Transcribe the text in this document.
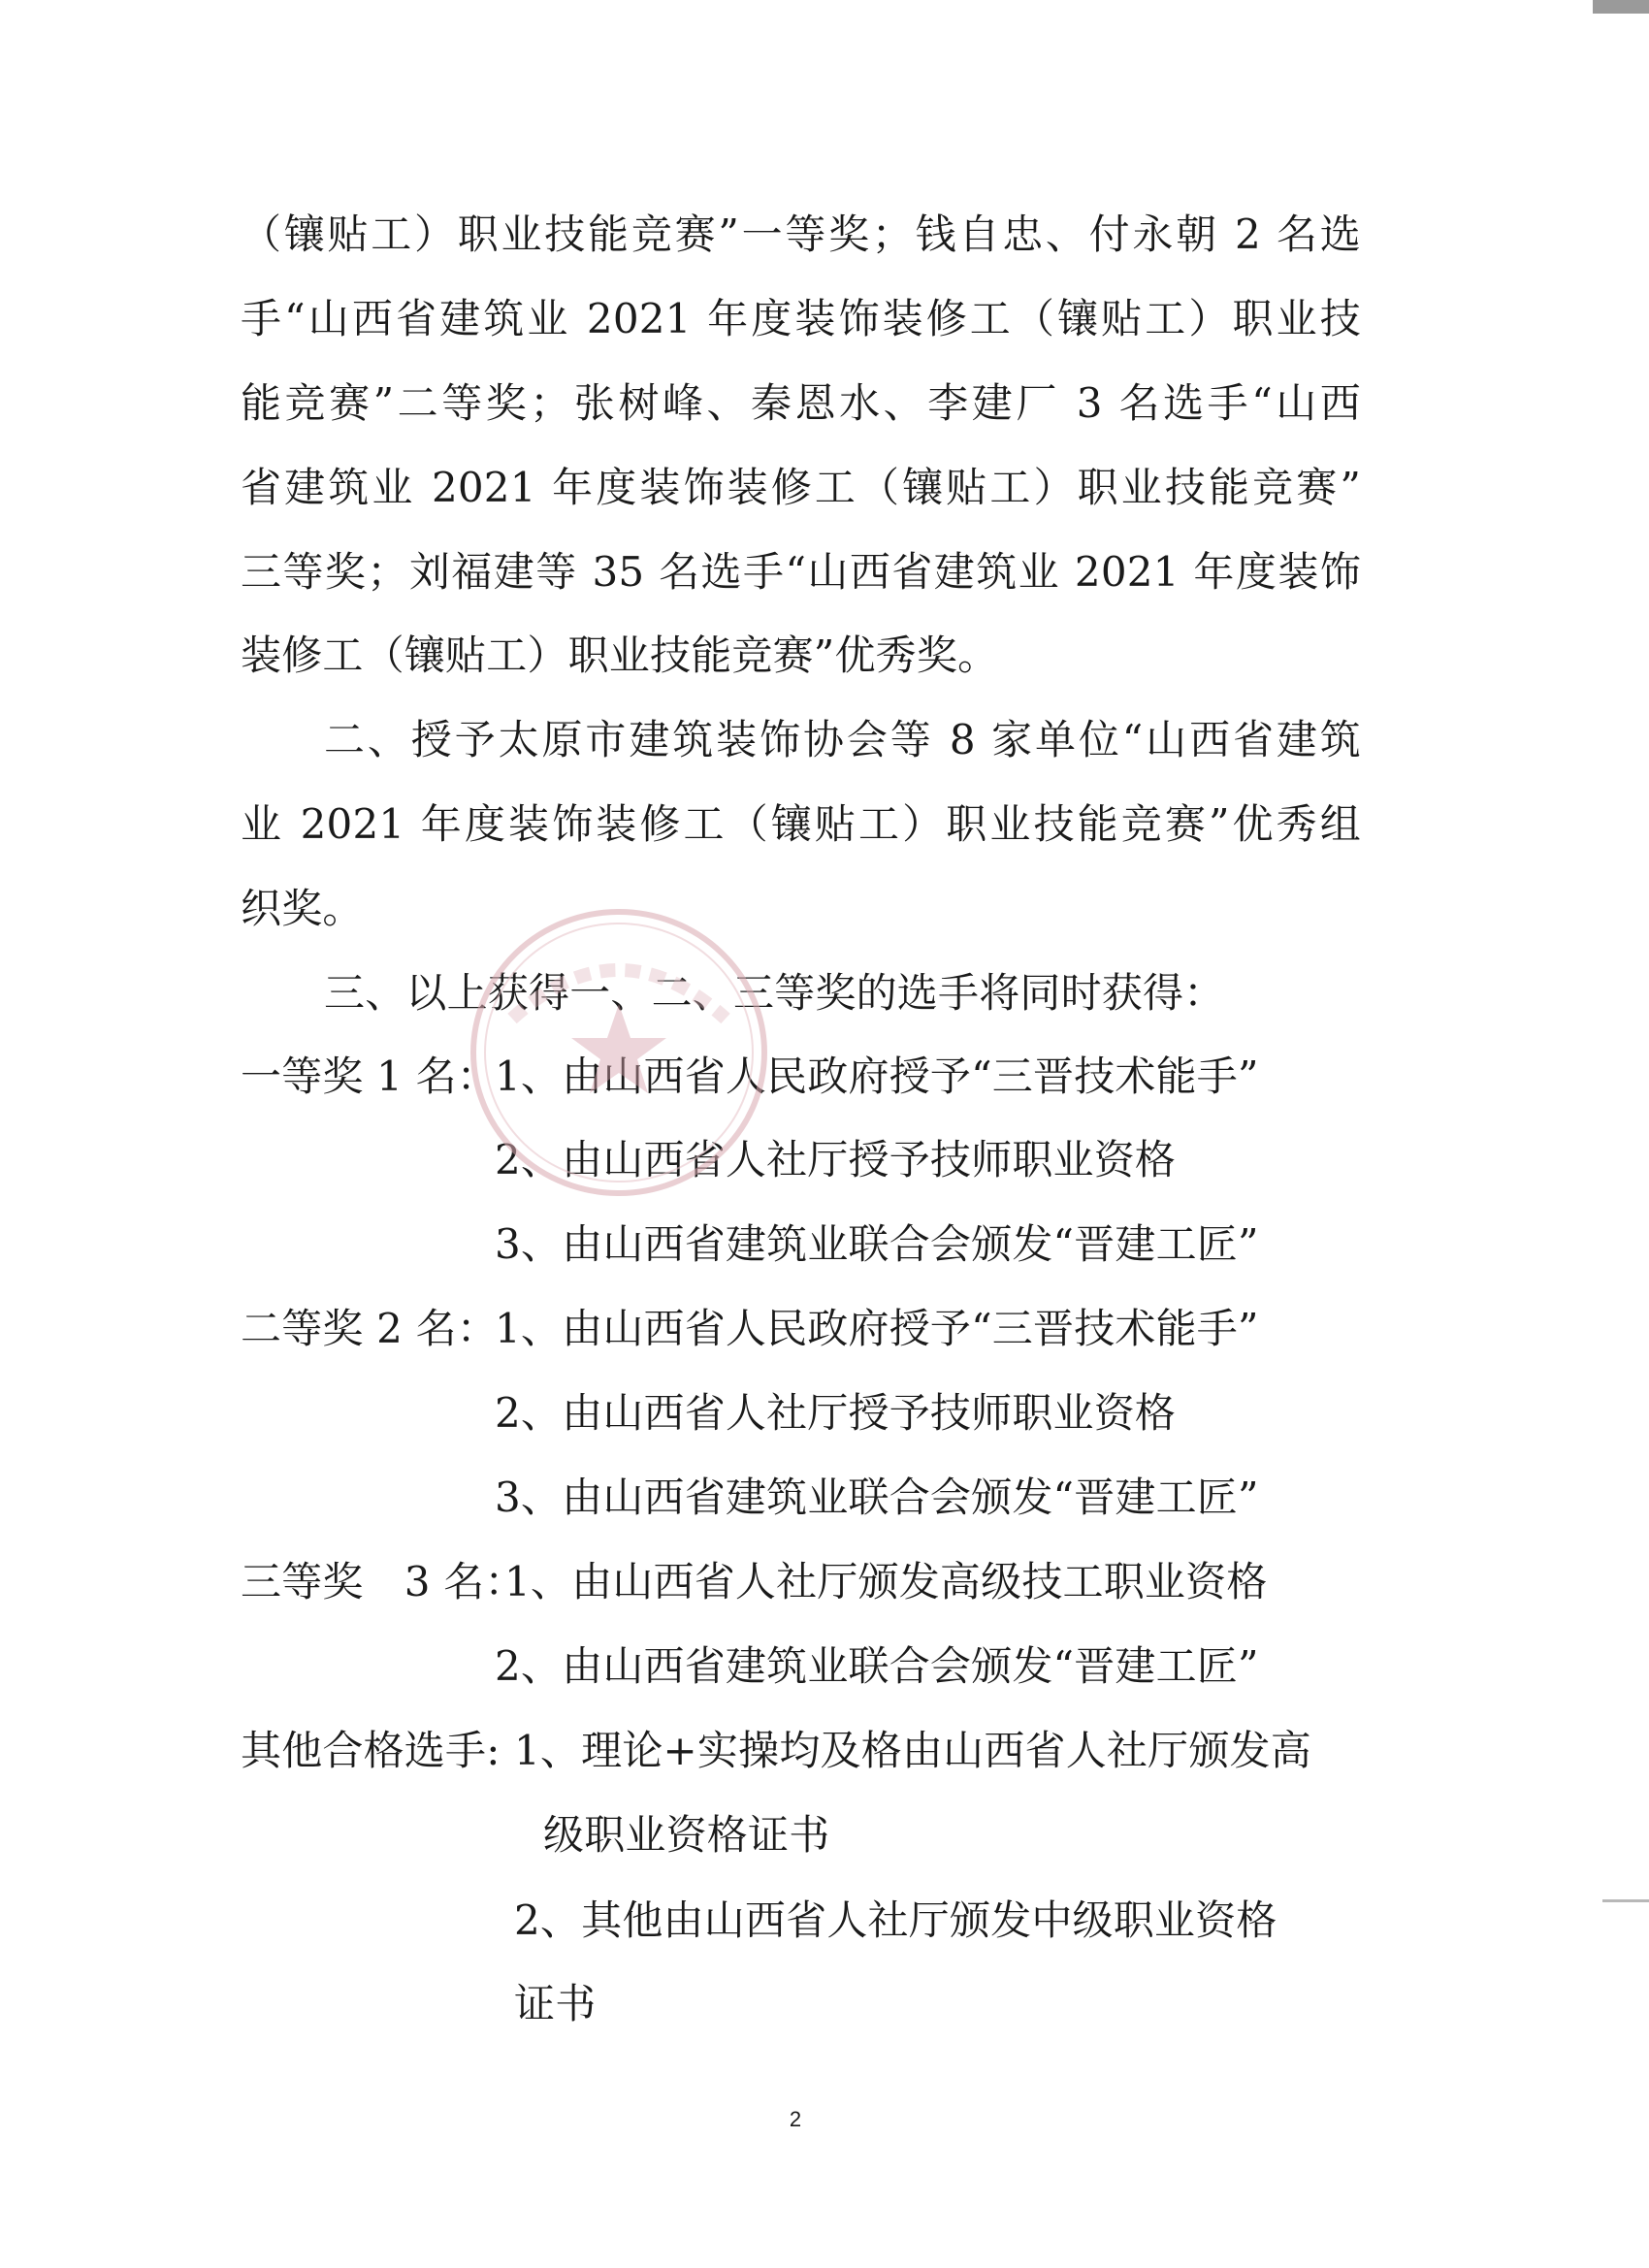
（镶贴工）职业技能竞赛”一等奖；钱自忠、付永朝 2 名选
手“山西省建筑业 2021 年度装饰装修工（镶贴工）职业技
能竞赛”二等奖；张树峰、秦恩水、李建厂 3 名选手“山西
省建筑业 2021 年度装饰装修工（镶贴工）职业技能竞赛”
三等奖；刘福建等 35 名选手“山西省建筑业 2021 年度装饰
装修工（镶贴工）职业技能竞赛”优秀奖。
二、授予太原市建筑装饰协会等 8 家单位“山西省建筑
业 2021 年度装饰装修工（镶贴工）职业技能竞赛”优秀组
织奖。
三、以上获得一、二、三等奖的选手将同时获得：
一等奖 1 名：
1、由山西省人民政府授予“三晋技术能手”
2、由山西省人社厅授予技师职业资格
3、由山西省建筑业联合会颁发“晋建工匠”
二等奖 2 名：
1、由山西省人民政府授予“三晋技术能手”
2、由山西省人社厅授予技师职业资格
3、由山西省建筑业联合会颁发“晋建工匠”
三等奖　3 名：
1、由山西省人社厅颁发高级技工职业资格
2、由山西省建筑业联合会颁发“晋建工匠”
其他合格选手: 1、理论+实操均及格由山西省人社厅颁发高
级职业资格证书
2、其他由山西省人社厅颁发中级职业资格
证书
2
